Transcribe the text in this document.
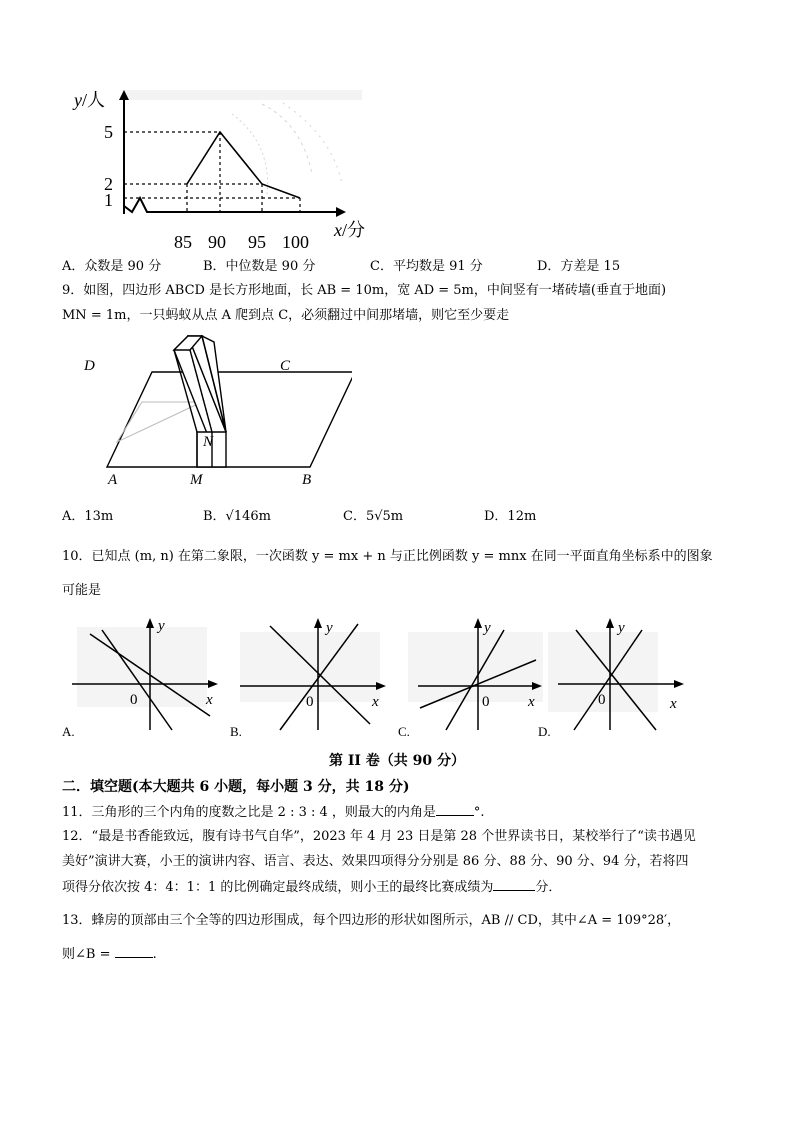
y/人
5
2
1
85 90 95 100
x/分
A．众数是 90 分	B．中位数是 90 分	C．平均数是 91 分	D．方差是 15
9．如图，四边形 ABCD 是长方形地面，长 AB = 10m，宽 AD = 5m，中间竖有一堵砖墙(垂直于地面)
MN = 1m，一只蚂蚁从点 A 爬到点 C，必须翻过中间那堵墙，则它至少要走
D	C
A	B
M
N
A．13m	B．√146m	C．5√5m	D．12m
10．已知点 (m, n) 在第二象限，一次函数 y = mx + n 与正比例函数 y = mnx 在同一平面直角坐标系中的图象
可能是
y
0	x
A.
y
0	x
B.
y
0	x
C.
y
0	x
D.
第 II 卷（共 90 分）
二．填空题(本大题共 6 小题，每小题 3 分，共 18 分)
11．三角形的三个内角的度数之比是 2 : 3 : 4 ，则最大的内角是	°.
12．“最是书香能致远，腹有诗书气自华”，2023 年 4 月 23 日是第 28 个世界读书日，某校举行了“读书遇见
美好”演讲大赛，小王的演讲内容、语言、表达、效果四项得分分别是 86 分、88 分、90 分、94 分，若将四
项得分依次按 4：4：1：1 的比例确定最终成绩，则小王的最终比赛成绩为	分．
13．蜂房的顶部由三个全等的四边形围成，每个四边形的形状如图所示，AB // CD，其中∠A = 109°28′，
则∠B =	.
